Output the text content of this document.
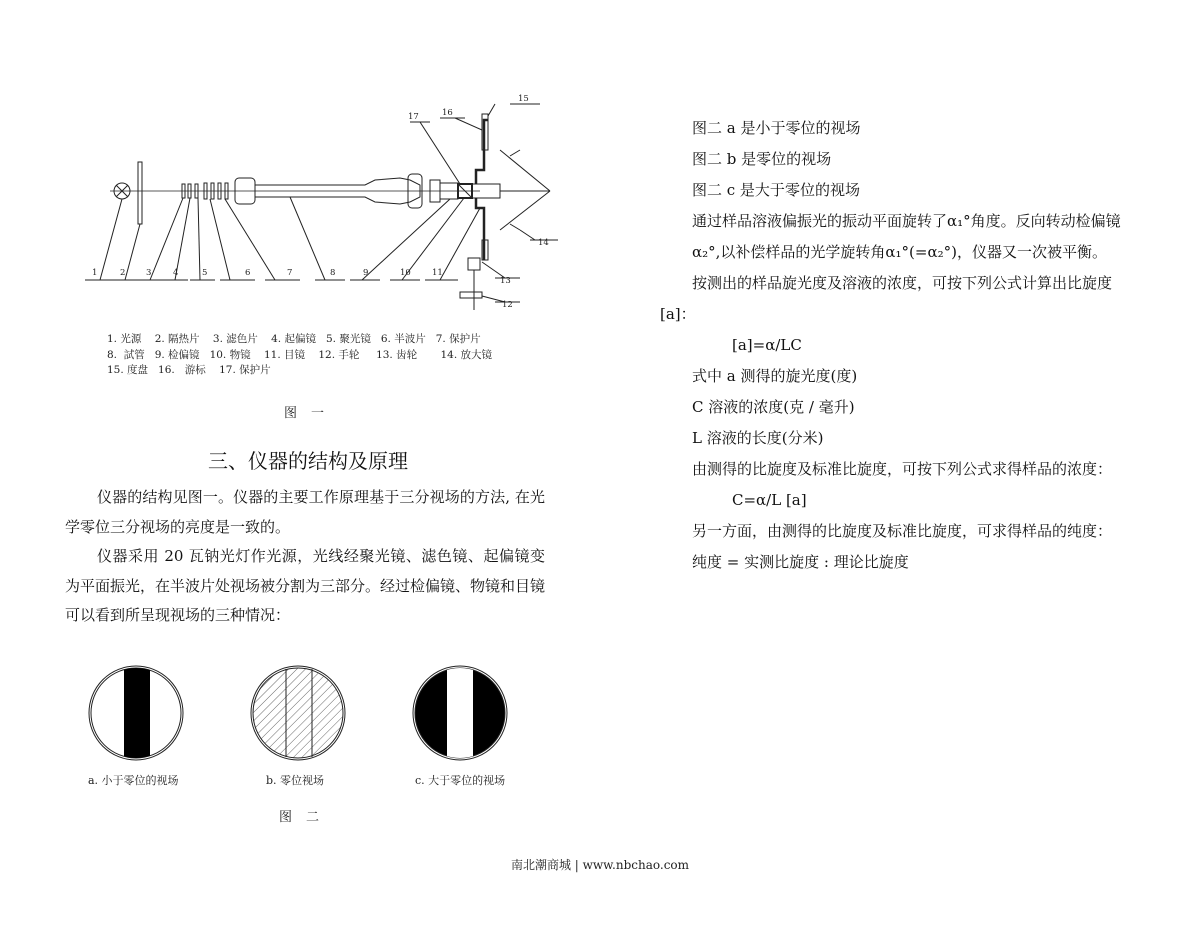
1	2 3	4	5	6	7	8	9	10 11
12
13
14
15
16
17
1. 光源    2. 隔热片    3. 滤色片    4. 起偏镜   5. 聚光镜   6. 半波片   7. 保护片
8.  試管   9. 检偏镜   10. 物镜    11. 目镜    12. 手轮     13. 齿轮       14. 放大镜
15. 度盘   16.   游标    17. 保护片
图一
三、仪器的结构及原理

仪器的结构见图一。仪器的主要工作原理基于三分视场的方法, 在光学零位三分视场的亮度是一致的。

仪器采用 20 瓦钠光灯作光源，光线经聚光镜、滤色镜、起偏镜变为平面振光，在半波片处视场被分割为三部分。经过检偏镜、物镜和目镜可以看到所呈现视场的三种情况：

a. 小于零位的视场	b. 零位视场	c. 大于零位的视场
图二
图二 a 是小于零位的视场
图二 b 是零位的视场
图二 c 是大于零位的视场
通过样品溶液偏振光的振动平面旋转了α₁°角度。反向转动检偏镜
α₂°,以补偿样品的光学旋转角α₁°(=α₂°)，仪器又一次被平衡。
按测出的样品旋光度及溶液的浓度，可按下列公式计算出比旋度
[a]：
[a]=α/LC
式中 a 测得的旋光度(度)
C 溶液的浓度(克 / 毫升)
L 溶液的长度(分米)
由测得的比旋度及标准比旋度，可按下列公式求得样品的浓度：
C=α/L [a]
另一方面，由测得的比旋度及标准比旋度，可求得样品的纯度：
纯度 = 实测比旋度 : 理论比旋度
南北潮商城 | www.nbchao.com
